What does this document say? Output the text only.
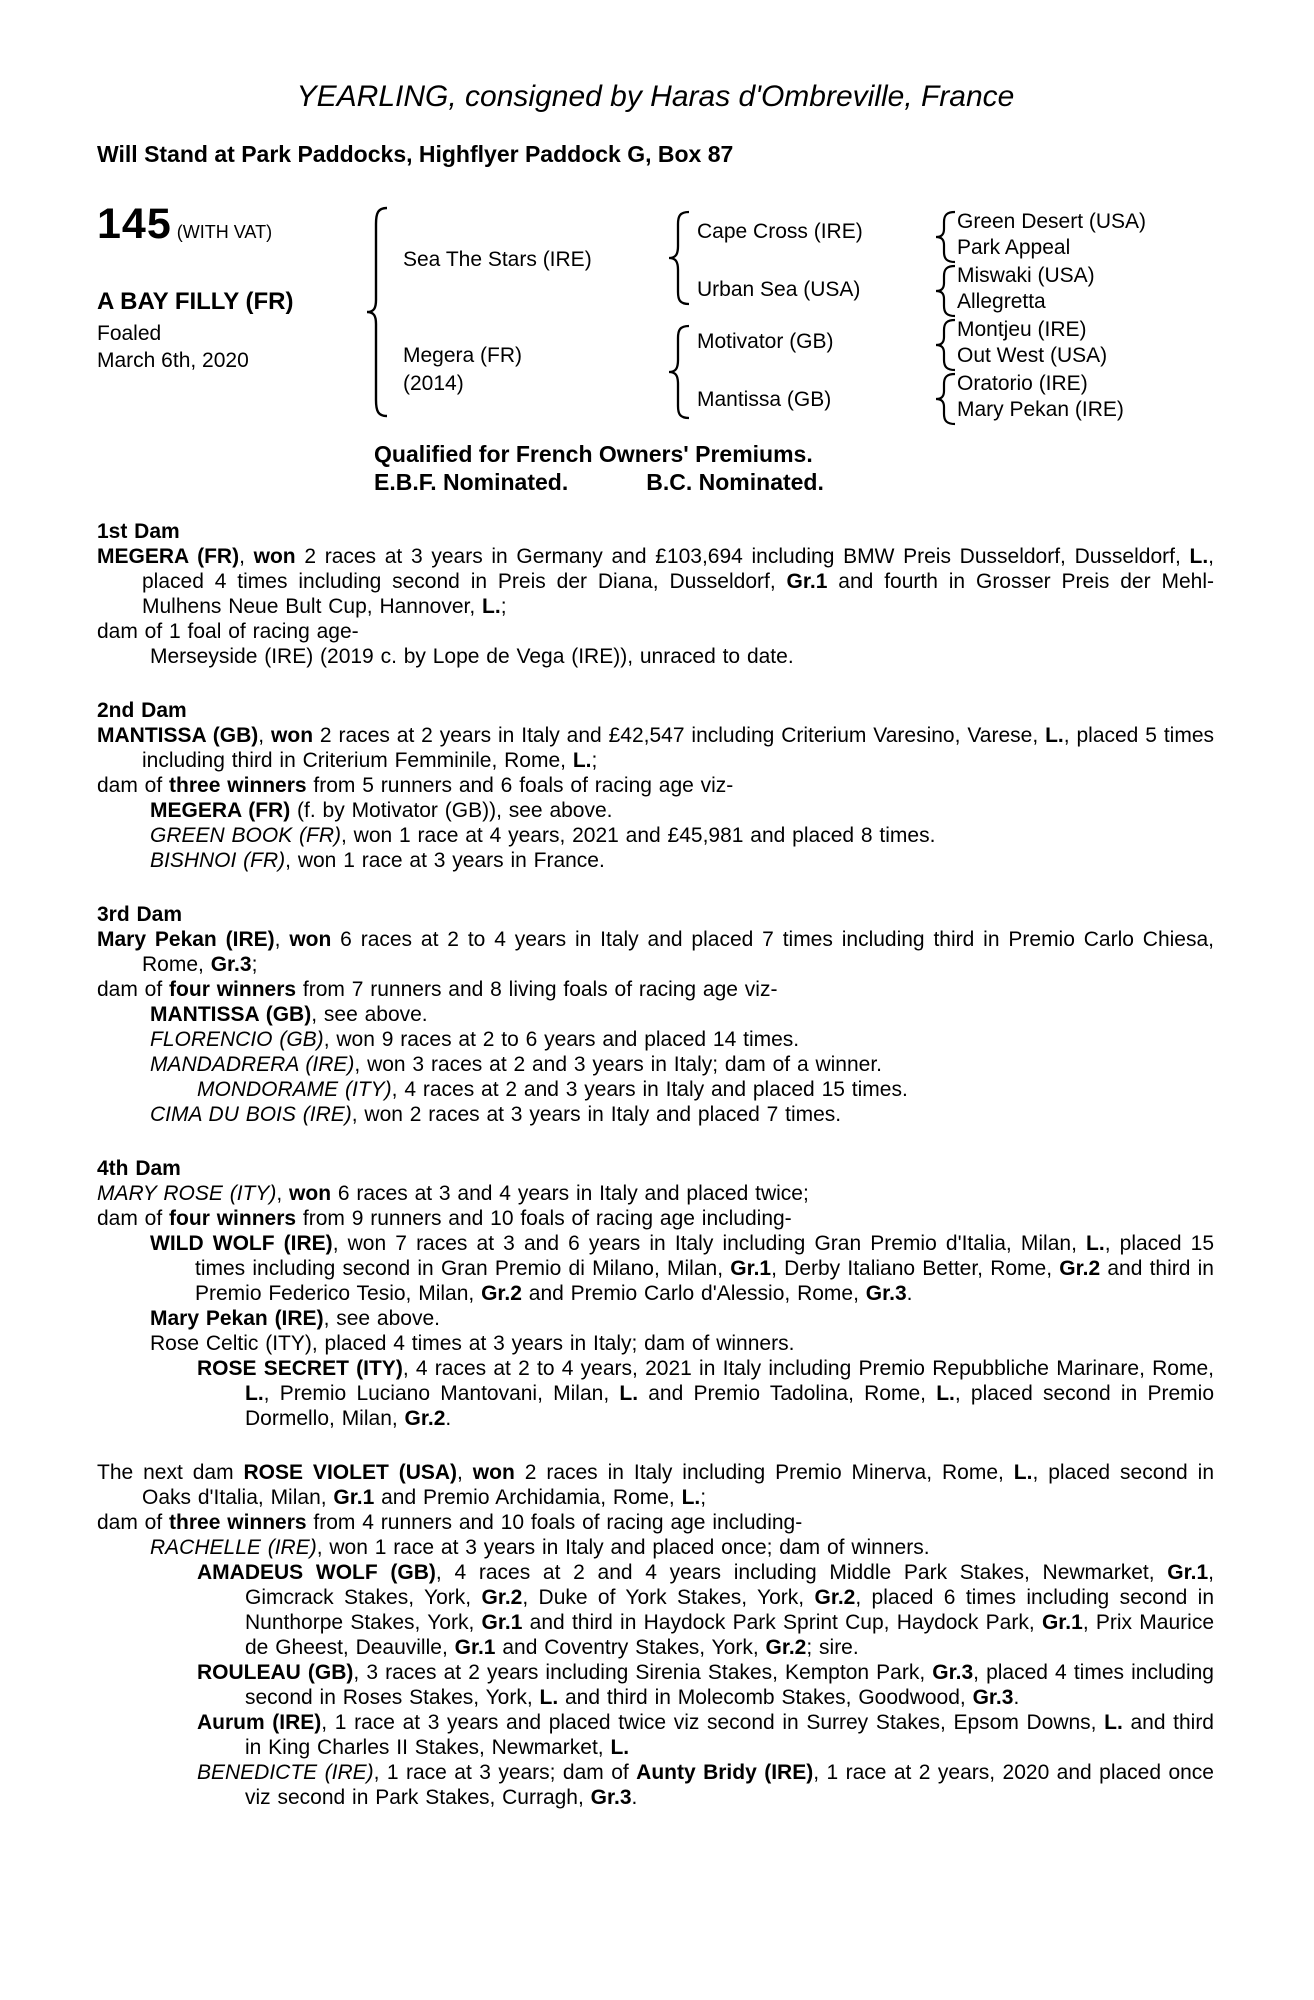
YEARLING, consigned by Haras d'Ombreville, France
Will Stand at Park Paddocks, Highflyer Paddock G, Box 87
145 (WITH VAT)
A BAY FILLY (FR)
Foaled
March 6th, 2020
Sea The Stars (IRE)
Megera (FR)
(2014)
Cape Cross (IRE)
Urban Sea (USA)
Motivator (GB)
Mantissa (GB)
Green Desert (USA)
Park Appeal
Miswaki (USA)
Allegretta
Montjeu (IRE)
Out West (USA)
Oratorio (IRE)
Mary Pekan (IRE)
Qualified for French Owners' Premiums.
E.B.F. Nominated.	B.C. Nominated.
1st Dam
MEGERA (FR), won 2 races at 3 years in Germany and £103,694 including BMW Preis Dusseldorf, Dusseldorf, L., placed 4 times including second in Preis der Diana, Dusseldorf, Gr.1 and fourth in Grosser Preis der Mehl-Mulhens Neue Bult Cup, Hannover, L.;
dam of 1 foal of racing age-
Merseyside (IRE) (2019 c. by Lope de Vega (IRE)), unraced to date.
2nd Dam
MANTISSA (GB), won 2 races at 2 years in Italy and £42,547 including Criterium Varesino, Varese, L., placed 5 times including third in Criterium Femminile, Rome, L.;
dam of three winners from 5 runners and 6 foals of racing age viz-
MEGERA (FR) (f. by Motivator (GB)), see above.
GREEN BOOK (FR), won 1 race at 4 years, 2021 and £45,981 and placed 8 times.
BISHNOI (FR), won 1 race at 3 years in France.
3rd Dam
Mary Pekan (IRE), won 6 races at 2 to 4 years in Italy and placed 7 times including third in Premio Carlo Chiesa, Rome, Gr.3;
dam of four winners from 7 runners and 8 living foals of racing age viz-
MANTISSA (GB), see above.
FLORENCIO (GB), won 9 races at 2 to 6 years and placed 14 times.
MANDADRERA (IRE), won 3 races at 2 and 3 years in Italy; dam of a winner.
MONDORAME (ITY), 4 races at 2 and 3 years in Italy and placed 15 times.
CIMA DU BOIS (IRE), won 2 races at 3 years in Italy and placed 7 times.
4th Dam
MARY ROSE (ITY), won 6 races at 3 and 4 years in Italy and placed twice;
dam of four winners from 9 runners and 10 foals of racing age including-
WILD WOLF (IRE), won 7 races at 3 and 6 years in Italy including Gran Premio d'Italia, Milan, L., placed 15 times including second in Gran Premio di Milano, Milan, Gr.1, Derby Italiano Better, Rome, Gr.2 and third in Premio Federico Tesio, Milan, Gr.2 and Premio Carlo d'Alessio, Rome, Gr.3.
Mary Pekan (IRE), see above.
Rose Celtic (ITY), placed 4 times at 3 years in Italy; dam of winners.
ROSE SECRET (ITY), 4 races at 2 to 4 years, 2021 in Italy including Premio Repubbliche Marinare, Rome, L., Premio Luciano Mantovani, Milan, L. and Premio Tadolina, Rome, L., placed second in Premio Dormello, Milan, Gr.2.
The next dam ROSE VIOLET (USA), won 2 races in Italy including Premio Minerva, Rome, L., placed second in Oaks d'Italia, Milan, Gr.1 and Premio Archidamia, Rome, L.;
dam of three winners from 4 runners and 10 foals of racing age including-
RACHELLE (IRE), won 1 race at 3 years in Italy and placed once; dam of winners.
AMADEUS WOLF (GB), 4 races at 2 and 4 years including Middle Park Stakes, Newmarket, Gr.1, Gimcrack Stakes, York, Gr.2, Duke of York Stakes, York, Gr.2, placed 6 times including second in Nunthorpe Stakes, York, Gr.1 and third in Haydock Park Sprint Cup, Haydock Park, Gr.1, Prix Maurice de Gheest, Deauville, Gr.1 and Coventry Stakes, York, Gr.2; sire.
ROULEAU (GB), 3 races at 2 years including Sirenia Stakes, Kempton Park, Gr.3, placed 4 times including second in Roses Stakes, York, L. and third in Molecomb Stakes, Goodwood, Gr.3.
Aurum (IRE), 1 race at 3 years and placed twice viz second in Surrey Stakes, Epsom Downs, L. and third in King Charles II Stakes, Newmarket, L.
BENEDICTE (IRE), 1 race at 3 years; dam of Aunty Bridy (IRE), 1 race at 2 years, 2020 and placed once viz second in Park Stakes, Curragh, Gr.3.
